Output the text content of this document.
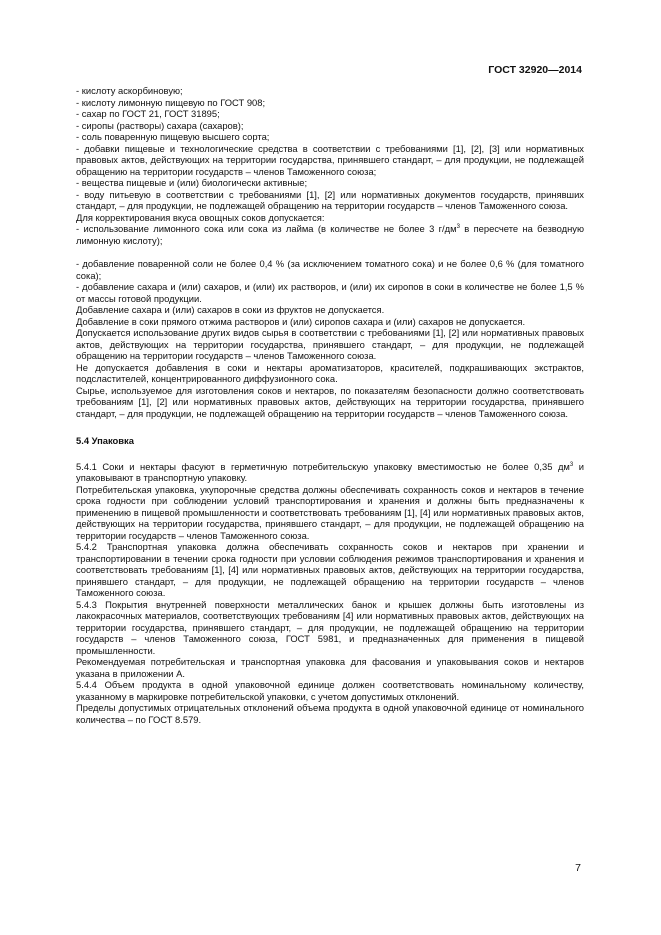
ГОСТ 32920—2014

- кислоту аскорбиновую;

- кислоту лимонную пищевую по ГОСТ 908;

- сахар по ГОСТ 21, ГОСТ 31895;

- сиропы (растворы) сахара (сахаров);

- соль поваренную пищевую высшего сорта;

- добавки пищевые и технологические средства в соответствии с требованиями [1], [2], [3] или нормативных правовых актов, действующих на территории государства, принявшего стандарт, – для продукции, не подлежащей обращению на территории государств – членов Таможенного союза;

- вещества пищевые и (или) биологически активные;

- воду питьевую в соответствии с требованиями [1], [2] или нормативных документов государств, принявших стандарт, – для продукции, не подлежащей обращению на территории государств – членов Таможенного союза.

Для корректирования вкуса овощных соков допускается:

- использование лимонного сока или сока из лайма (в количестве не более 3 $г/дм^3$ в пересчете на безводную лимонную кислоту);

- добавление поваренной соли не более 0,4 % (за исключением томатного сока) и не более 0,6 % (для томатного сока);

- добавление сахара и (или) сахаров, и (или) их растворов, и (или) их сиропов в соки в количестве не более 1,5 % от массы готовой продукции.

Добавление сахара и (или) сахаров в соки из фруктов не допускается.

Добавление в соки прямого отжима растворов и (или) сиропов сахара и (или) сахаров не допускается.

Допускается использование других видов сырья в соответствии с требованиями [1], [2] или нормативных правовых актов, действующих на территории государства, принявшего стандарт, – для продукции, не подлежащей обращению на территории государств – членов Таможенного союза.

Не допускается добавления в соки и нектары ароматизаторов, красителей, подкрашивающих экстрактов, подсластителей, концентрированного диффузионного сока.

Сырье, используемое для изготовления соков и нектаров, по показателям безопасности должно соответствовать требованиям [1], [2] или нормативных правовых актов, действующих на территории государства, принявшего стандарт, – для продукции, не подлежащей обращению на территории государств – членов Таможенного союза.

5.4 Упаковка

5.4.1 Соки и нектары фасуют в герметичную потребительскую упаковку вместимостью не более 0,35 $дм^3$ и упаковывают в транспортную упаковку.

Потребительская упаковка, укупорочные средства должны обеспечивать сохранность соков и нектаров в течение срока годности при соблюдении условий транспортирования и хранения и должны быть предназначены к применению в пищевой промышленности и соответствовать требованиям [1], [4] или нормативных правовых актов, действующих на территории государства, принявшего стандарт, – для продукции, не подлежащей обращению на территории государств – членов Таможенного союза.

5.4.2 Транспортная упаковка должна обеспечивать сохранность соков и нектаров при хранении и транспортировании в течении срока годности при условии соблюдения режимов транспортирования и хранения и соответствовать требованиям [1], [4] или нормативных правовых актов, действующих на территории государства, принявшего стандарт, – для продукции, не подлежащей обращению на территории государств – членов Таможенного союза.

5.4.3 Покрытия внутренней поверхности металлических банок и крышек должны быть изготовлены из лакокрасочных материалов, соответствующих требованиям [4] или нормативных правовых актов, действующих на территории государства, принявшего стандарт, – для продукции, не подлежащей обращению на территории государств – членов Таможенного союза, ГОСТ 5981, и предназначенных для применения в пищевой промышленности.

Рекомендуемая потребительская и транспортная упаковка для фасования и упаковывания соков и нектаров указана в приложении А.

5.4.4 Объем продукта в одной упаковочной единице должен соответствовать номинальному количеству, указанному в маркировке потребительской упаковки, с учетом допустимых отклонений.

Пределы допустимых отрицательных отклонений объема продукта в одной упаковочной единице от номинального количества – по ГОСТ 8.579.

7
